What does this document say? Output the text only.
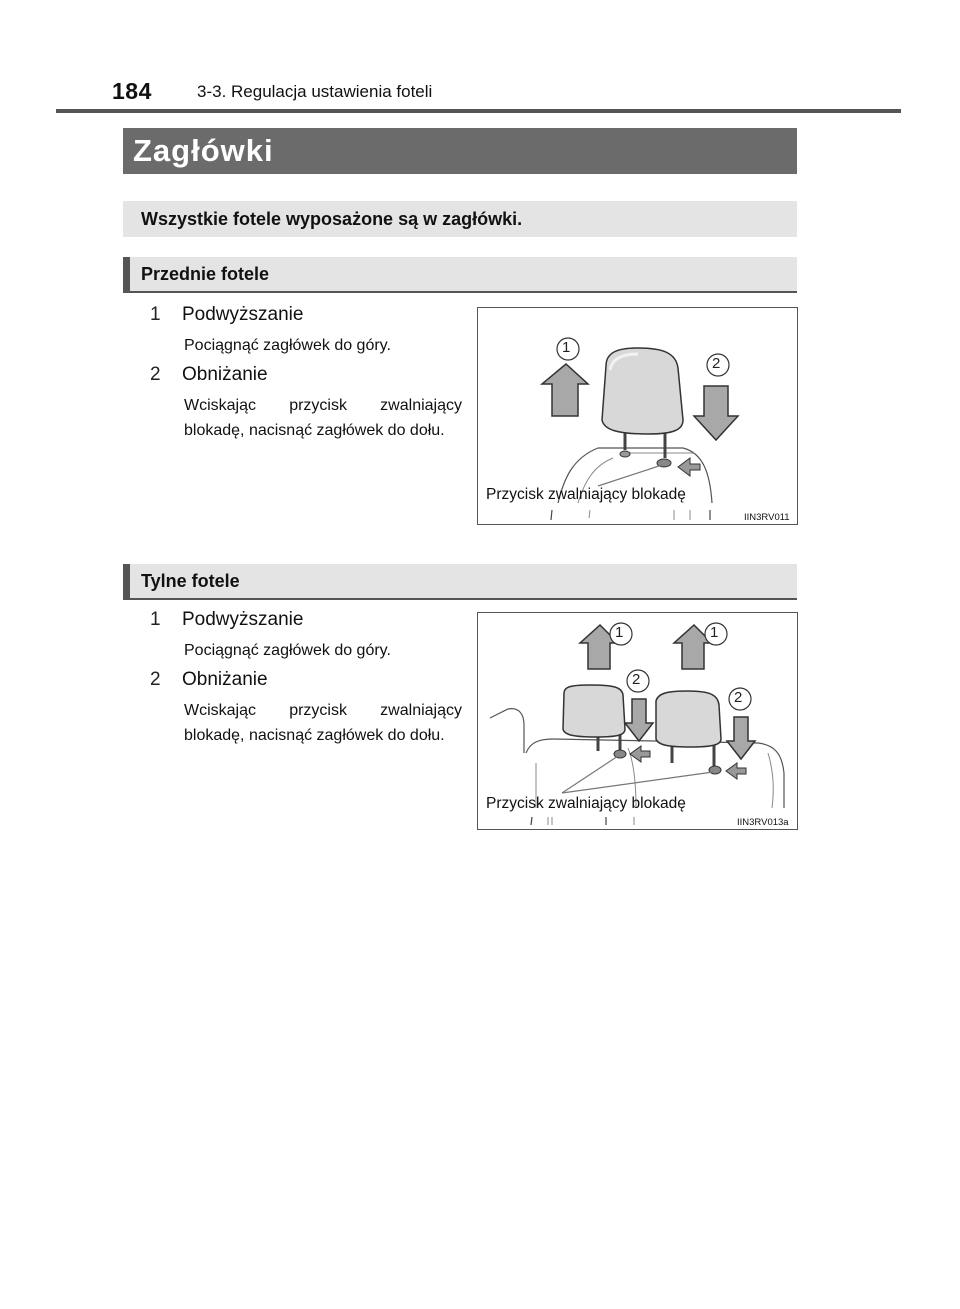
184	3-3. Regulacja ustawienia foteli
Zagłówki
Wszystkie fotele wyposażone są w zagłówki.
Przednie fotele
1 Podwyższanie
Pociągnąć zagłówek do góry.
2 Obniżanie
Wciskając przycisk zwalniający blokadę, nacisnąć zagłówek do dołu.
1
2
Przycisk zwalniający blokadę
IIN3RV011
Tylne fotele
1 Podwyższanie
Pociągnąć zagłówek do góry.
2 Obniżanie
Wciskając przycisk zwalniający blokadę, nacisnąć zagłówek do dołu.
1	1
2
2
Przycisk zwalniający blokadę
IIN3RV013a
